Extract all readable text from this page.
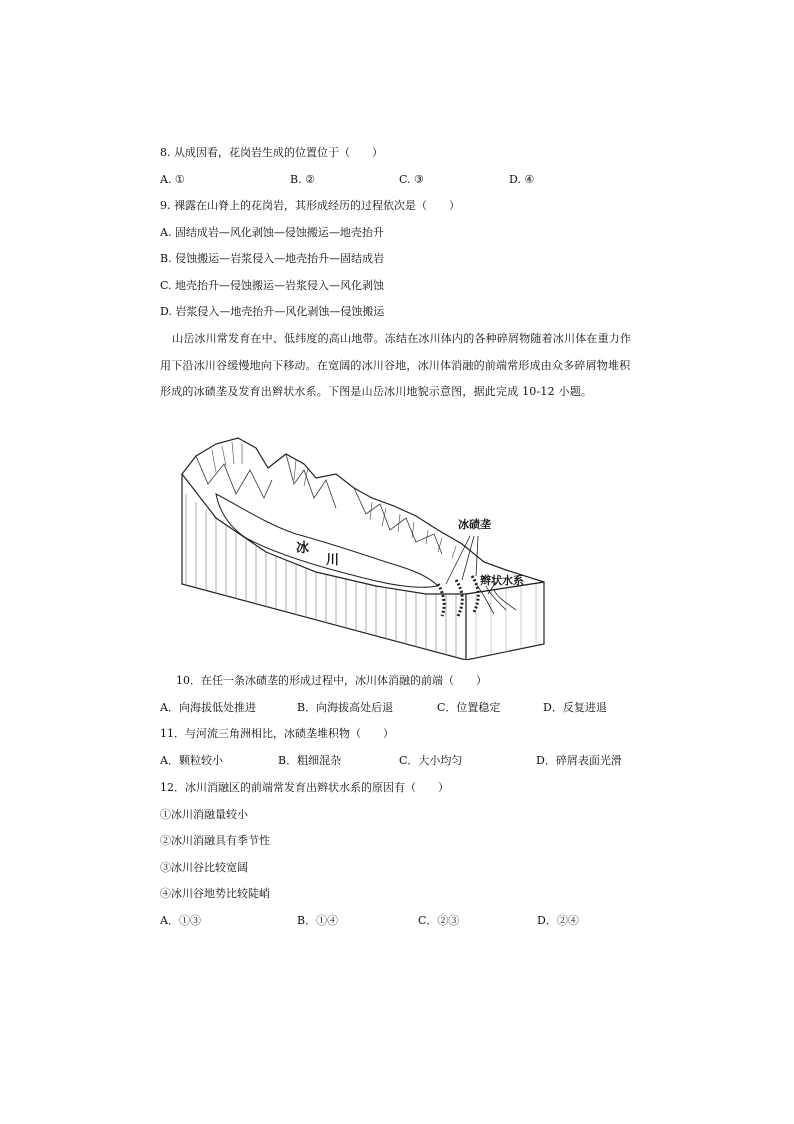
8. 从成因看，花岗岩生成的位置位于（　　）
A. ①	B. ②	C. ③	D. ④
9. 裸露在山脊上的花岗岩，其形成经历的过程依次是（　　）
A. 固结成岩—风化剥蚀—侵蚀搬运—地壳抬升
B. 侵蚀搬运—岩浆侵入—地壳抬升—固结成岩
C. 地壳抬升—侵蚀搬运—岩浆侵入—风化剥蚀
D. 岩浆侵入—地壳抬升—风化剥蚀—侵蚀搬运
山岳冰川常发育在中、低纬度的高山地带。冻结在冰川体内的各种碎屑物随着冰川体在重力作用下沿冰川谷缓慢地向下移动。在宽阔的冰川谷地，冰川体消融的前端常形成由众多碎屑物堆积形成的冰碛垄及发育出辫状水系。下图是山岳冰川地貌示意图，据此完成 10-12 小题。
冰
川
冰碛垄
辫状水系
10．在任一条冰碛垄的形成过程中，冰川体消融的前端（　　）
A．向海拔低处推进	B．向海拔高处后退	C．位置稳定	D．反复进退
11．与河流三角洲相比，冰碛垄堆积物（　　）
A．颗粒较小	B．粗细混杂	C．大小均匀	D．碎屑表面光滑
12．冰川消融区的前端常发育出辫状水系的原因有（　　）
①冰川消融量较小
②冰川消融具有季节性
③冰川谷比较宽阔
④冰川谷地势比较陡峭
A．①③	B．①④	C．②③	D．②④
